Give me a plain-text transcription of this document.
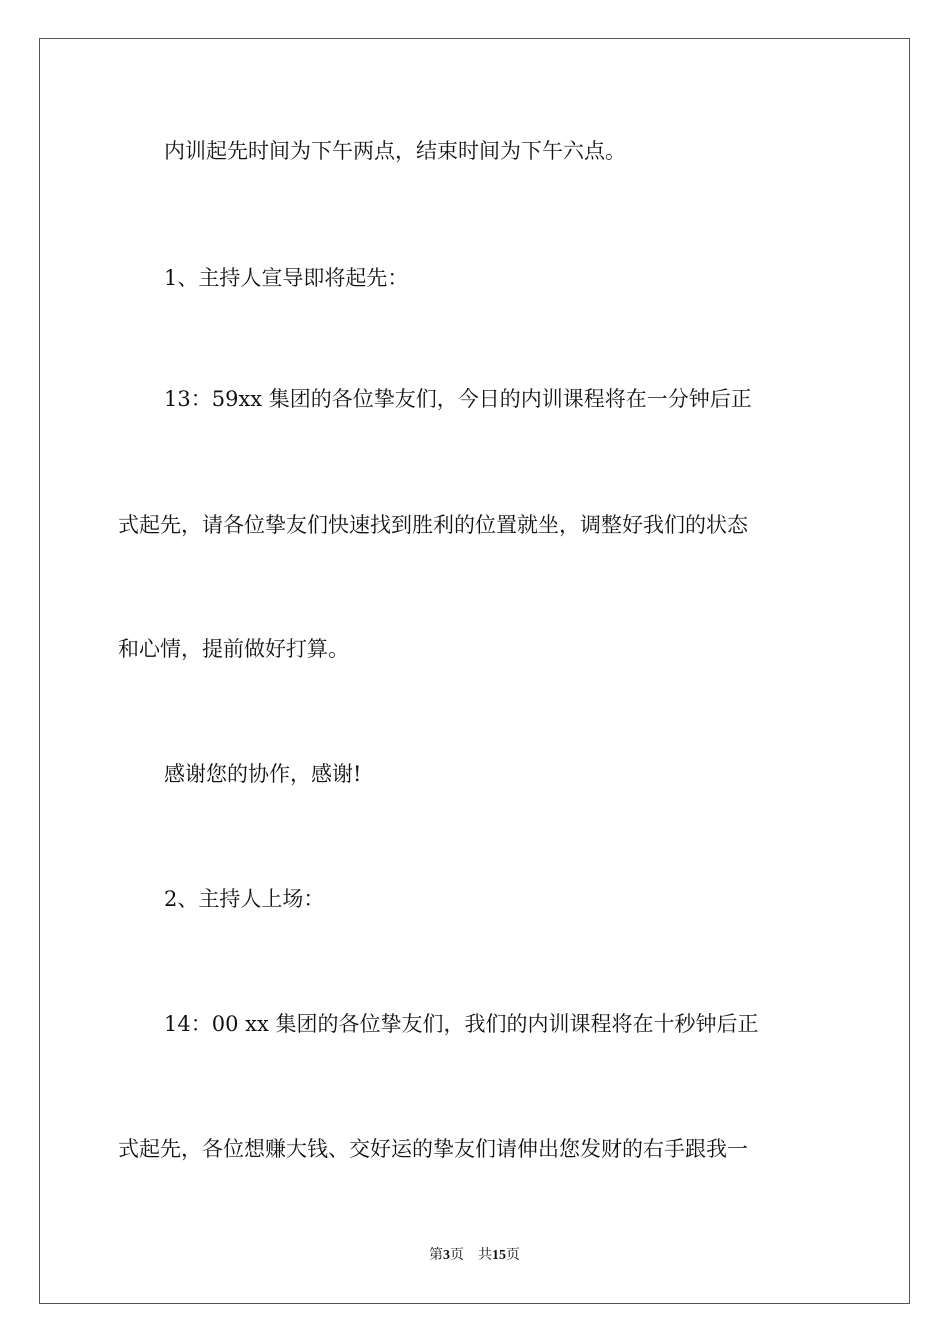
内训起先时间为下午两点，结束时间为下午六点。
1、主持人宣导即将起先：
13：59xx 集团的各位挚友们，今日的内训课程将在一分钟后正
式起先，请各位挚友们快速找到胜利的位置就坐，调整好我们的状态
和心情，提前做好打算。
感谢您的协作，感谢!
2、主持人上场：
14：00 xx 集团的各位挚友们，我们的内训课程将在十秒钟后正
式起先，各位想赚大钱、交好运的挚友们请伸出您发财的右手跟我一
第3页 共15页
